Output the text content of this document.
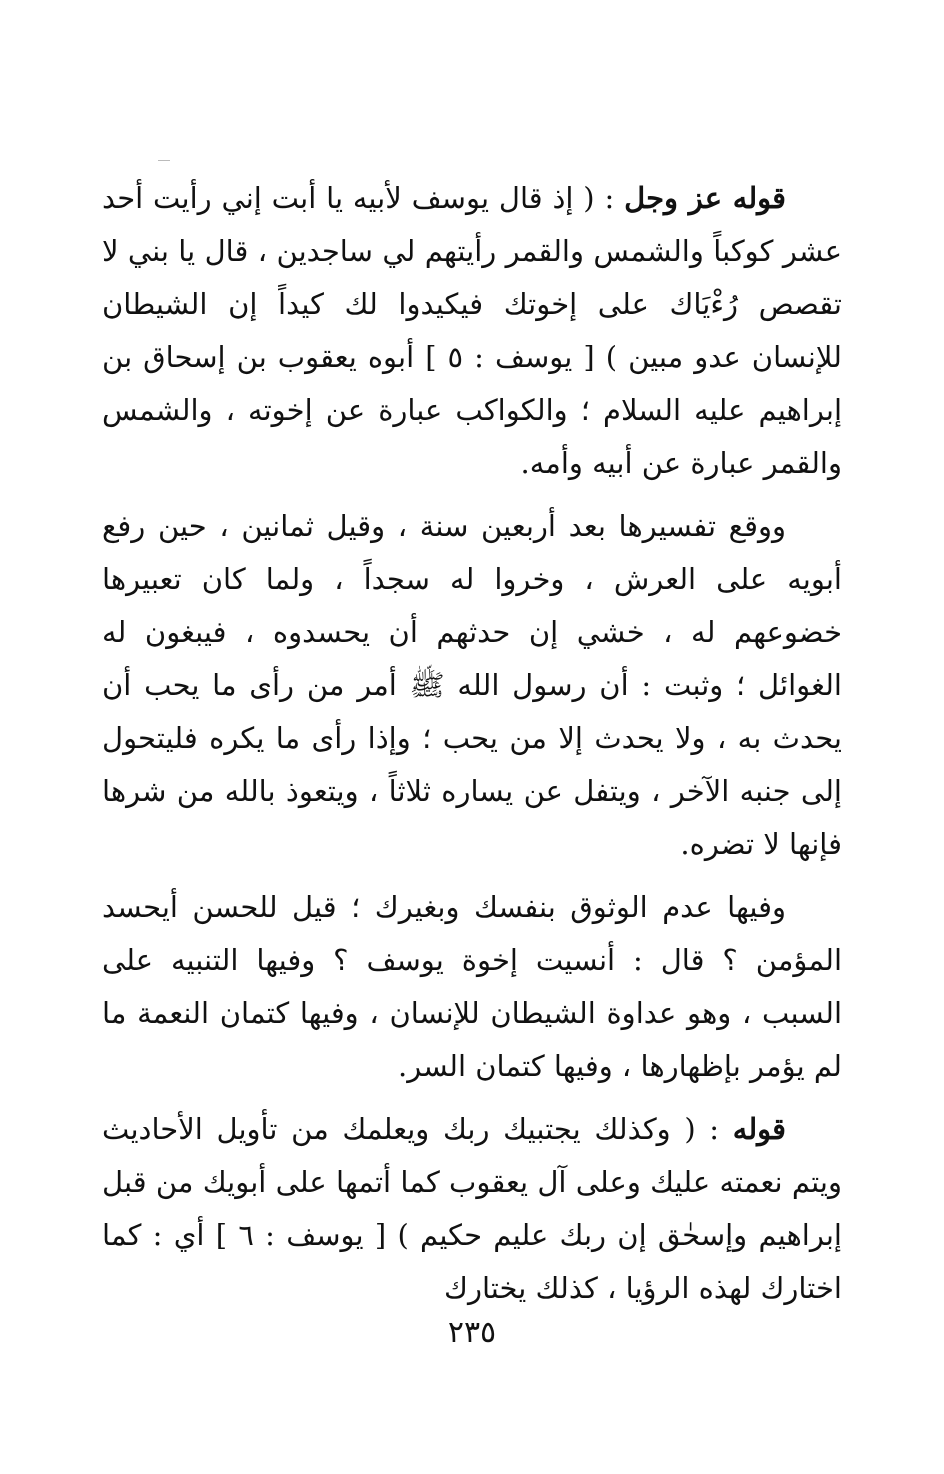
قوله عز وجل : ( إذ قال يوسف لأبيه يا أبت إني رأيت أحد عشر كوكباً والشمس والقمر رأيتهم لي ساجدين ، قال يا بني لا تقصص رُءْيَاك على إخوتك فيكيدوا لك كيداً إن الشيطان للإنسان عدو مبين ) [ يوسف : ٥ ] أبوه يعقوب بن إسحاق بن إبراهيم عليه السلام ؛ والكواكب عبارة عن إخوته ، والشمس والقمر عبارة عن أبيه وأمه.

ووقع تفسيرها بعد أربعين سنة ، وقيل ثمانين ، حين رفع أبويه على العرش ، وخروا له سجداً ، ولما كان تعبيرها خضوعهم له ، خشي إن حدثهم أن يحسدوه ، فيبغون له الغوائل ؛ وثبت : أن رسول الله ﷺ أمر من رأى ما يحب أن يحدث به ، ولا يحدث إلا من يحب ؛ وإذا رأى ما يكره فليتحول إلى جنبه الآخر ، ويتفل عن يساره ثلاثاً ، ويتعوذ بالله من شرها فإنها لا تضره.

وفيها عدم الوثوق بنفسك وبغيرك ؛ قيل للحسن أيحسد المؤمن ؟ قال : أنسيت إخوة يوسف ؟ وفيها التنبيه على السبب ، وهو عداوة الشيطان للإنسان ، وفيها كتمان النعمة ما لم يؤمر بإظهارها ، وفيها كتمان السر.

قوله : ( وكذلك يجتبيك ربك ويعلمك من تأويل الأحاديث ويتم نعمته عليك وعلى آل يعقوب كما أتمها على أبويك من قبل إبراهيم وإسحٰق إن ربك عليم حكيم ) [ يوسف : ٦ ] أي : كما اختارك لهذه الرؤيا ، كذلك يختارك

٢٣٥
